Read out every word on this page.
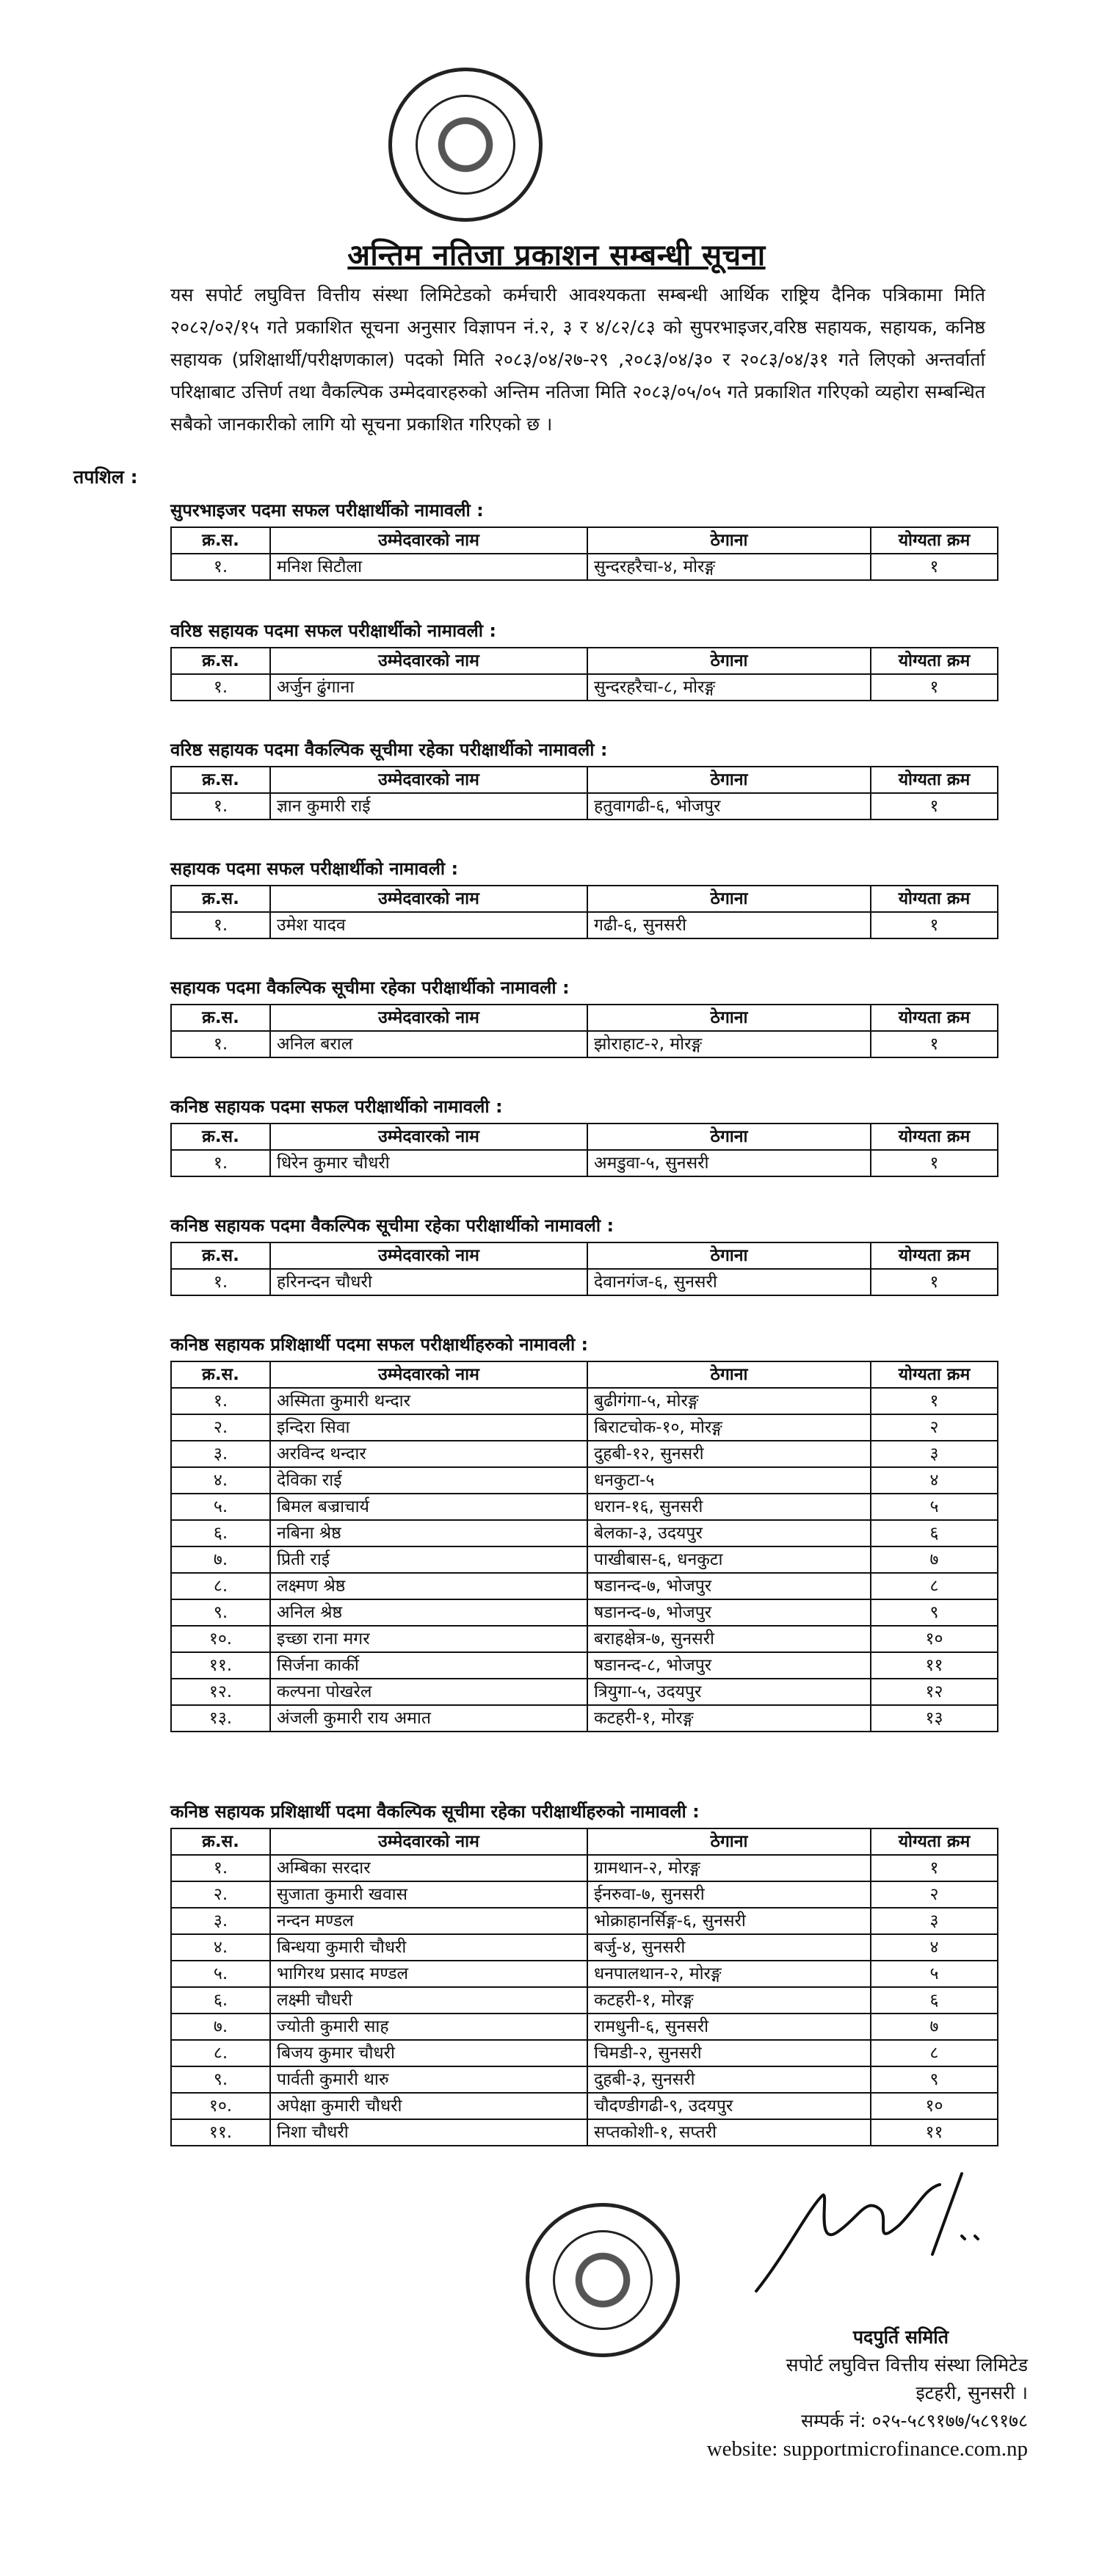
अन्तिम नतिजा प्रकाशन सम्बन्धी सूचना

यस सपोर्ट लघुवित्त वित्तीय संस्था लिमिटेडको कर्मचारी आवश्यकता सम्बन्धी आर्थिक राष्ट्रिय दैनिक पत्रिकामा मिति २०८२/०२/१५ गते प्रकाशित सूचना अनुसार विज्ञापन नं.२, ३ र ४/८२/८३ को सुपरभाइजर,वरिष्ठ सहायक, सहायक, कनिष्ठ सहायक (प्रशिक्षार्थी/परीक्षणकाल) पदको मिति २०८३/०४/२७-२९ ,२०८३/०४/३० र २०८३/०४/३१ गते लिएको अन्तर्वार्ता परिक्षाबाट उत्तिर्ण तथा वैकल्पिक उम्मेदवारहरुको अन्तिम नतिजा मिति २०८३/०५/०५ गते प्रकाशित गरिएको व्यहोरा सम्बन्धित सबैको जानकारीको लागि यो सूचना प्रकाशित गरिएको छ ।

तपशिल :
सुपरभाइजर पदमा सफल परीक्षार्थीको नामावली :
क्र.स.	उम्मेदवारको नाम	ठेगाना	योग्यता क्रम
१.	मनिश सिटौला	सुन्दरहरैचा-४, मोरङ्ग	१
वरिष्ठ सहायक पदमा सफल परीक्षार्थीको नामावली :
क्र.स.	उम्मेदवारको नाम	ठेगाना	योग्यता क्रम
१.	अर्जुन ढुंगाना	सुन्दरहरैचा-८, मोरङ्ग	१
वरिष्ठ सहायक पदमा वैकल्पिक सूचीमा रहेका परीक्षार्थीको नामावली :
क्र.स.	उम्मेदवारको नाम	ठेगाना	योग्यता क्रम
१.	ज्ञान कुमारी राई	हतुवागढी-६, भोजपुर	१
सहायक पदमा सफल परीक्षार्थीको नामावली :
क्र.स.	उम्मेदवारको नाम	ठेगाना	योग्यता क्रम
१.	उमेश यादव	गढी-६, सुनसरी	१
सहायक पदमा वैकल्पिक सूचीमा रहेका परीक्षार्थीको नामावली :
क्र.स.	उम्मेदवारको नाम	ठेगाना	योग्यता क्रम
१.	अनिल बराल	झोराहाट-२, मोरङ्ग	१
कनिष्ठ सहायक पदमा सफल परीक्षार्थीको नामावली :
क्र.स.	उम्मेदवारको नाम	ठेगाना	योग्यता क्रम
१.	धिरेन कुमार चौधरी	अमडुवा-५, सुनसरी	१
कनिष्ठ सहायक पदमा वैकल्पिक सूचीमा रहेका परीक्षार्थीको नामावली :
क्र.स.	उम्मेदवारको नाम	ठेगाना	योग्यता क्रम
१.	हरिनन्दन चौधरी	देवानगंज-६, सुनसरी	१
कनिष्ठ सहायक प्रशिक्षार्थी पदमा सफल परीक्षार्थीहरुको नामावली :
क्र.स.	उम्मेदवारको नाम	ठेगाना	योग्यता क्रम
१.	अस्मिता कुमारी थन्दार	बुढीगंगा-५, मोरङ्ग	१
२.	इन्दिरा सिवा	बिराटचोक-१०, मोरङ्ग	२
३.	अरविन्द थन्दार	दुहबी-१२, सुनसरी	३
४.	देविका राई	धनकुटा-५	४
५.	बिमल बज्राचार्य	धरान-१६, सुनसरी	५
६.	नबिना श्रेष्ठ	बेलका-३, उदयपुर	६
७.	प्रिती राई	पाखीबास-६, धनकुटा	७
८.	लक्ष्मण श्रेष्ठ	षडानन्द-७, भोजपुर	८
९.	अनिल श्रेष्ठ	षडानन्द-७, भोजपुर	९
१०.	इच्छा राना मगर	बराहक्षेत्र-७, सुनसरी	१०
११.	सिर्जना कार्की	षडानन्द-८, भोजपुर	११
१२.	कल्पना पोखरेल	त्रियुगा-५, उदयपुर	१२
१३.	अंजली कुमारी राय अमात	कटहरी-१, मोरङ्ग	१३
कनिष्ठ सहायक प्रशिक्षार्थी पदमा वैकल्पिक सूचीमा रहेका परीक्षार्थीहरुको नामावली :
क्र.स.	उम्मेदवारको नाम	ठेगाना	योग्यता क्रम
१.	अम्बिका सरदार	ग्रामथान-२, मोरङ्ग	१
२.	सुजाता कुमारी खवास	ईनरुवा-७, सुनसरी	२
३.	नन्दन मण्डल	भोक्राहानर्सिङ्ग-६, सुनसरी	३
४.	बिन्धया कुमारी चौधरी	बर्जु-४, सुनसरी	४
५.	भागिरथ प्रसाद मण्डल	धनपालथान-२, मोरङ्ग	५
६.	लक्ष्मी चौधरी	कटहरी-१, मोरङ्ग	६
७.	ज्योती कुमारी साह	रामधुनी-६, सुनसरी	७
८.	बिजय कुमार चौधरी	चिमडी-२, सुनसरी	८
९.	पार्वती कुमारी थारु	दुहबी-३, सुनसरी	९
१०.	अपेक्षा कुमारी चौधरी	चौदण्डीगढी-९, उदयपुर	१०
११.	निशा चौधरी	सप्तकोशी-१, सप्तरी	११
पदपुर्ति समिति
सपोर्ट लघुवित्त वित्तीय संस्था लिमिटेड
इटहरी, सुनसरी ।
सम्पर्क नं: ०२५-५८९१७७/५८९१७८
website: supportmicrofinance.com.np
